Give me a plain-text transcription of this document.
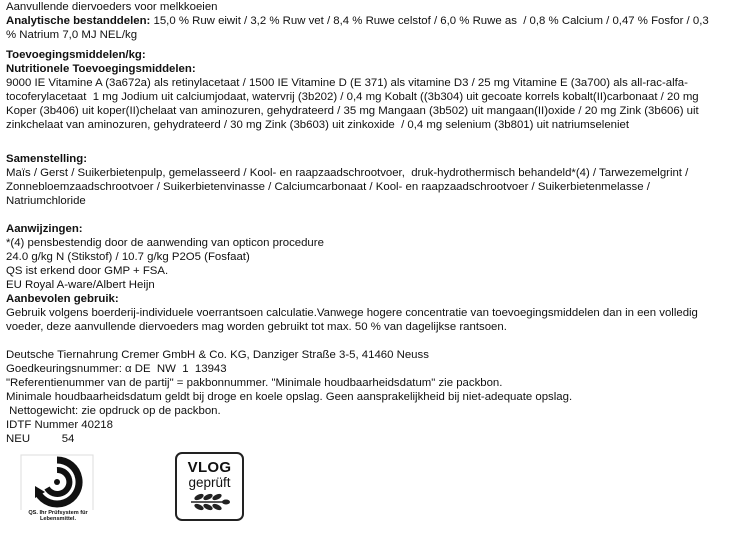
Aanvullende diervoeders voor melkkoeien
Analytische bestanddelen: 15,0 % Ruw eiwit / 3,2 % Ruw vet / 8,4 % Ruwe celstof / 6,0 % Ruwe as  / 0,8 % Calcium / 0,47 % Fosfor / 0,3
% Natrium 7,0 MJ NEL/kg
Toevoegingsmiddelen/kg:
Nutritionele Toevoegingsmiddelen:
9000 IE Vitamine A (3a672a) als retinylacetaat / 1500 IE Vitamine D (E 371) als vitamine D3 / 25 mg Vitamine E (3a700) als all-rac-alfa-
tocoferylacetaat  1 mg Jodium uit calciumjodaat, watervrij (3b202) / 0,4 mg Kobalt ((3b304) uit gecoate korrels kobalt(II)carbonaat / 20 mg
Koper (3b406) uit koper(II)chelaat van aminozuren, gehydrateerd / 35 mg Mangaan (3b502) uit mangaan(II)oxide / 20 mg Zink (3b606) uit
zinkchelaat van aminozuren, gehydrateerd / 30 mg Zink (3b603) uit zinkoxide  / 0,4 mg selenium (3b801) uit natriumseleniet
Samenstelling:
Maïs / Gerst / Suikerbietenpulp, gemelasseerd / Kool- en raapzaadschrootvoer,  druk-hydrothermisch behandeld*(4) / Tarwezemelgrint /
Zonnebloemzaadschrootvoer / Suikerbietenvinasse / Calciumcarbonaat / Kool- en raapzaadschrootvoer / Suikerbietenmelasse /
Natriumchloride
Aanwijzingen:
*(4) pensbestendig door de aanwending van opticon procedure
24.0 g/kg N (Stikstof) / 10.7 g/kg P2O5 (Fosfaat)
QS ist erkend door GMP + FSA.
EU Royal A-ware/Albert Heijn
Aanbevolen gebruik:
Gebruik volgens boerderij-individuele voerrantsoen calculatie.Vanwege hogere concentratie van toevoegingsmiddelen dan in een volledig
voeder, deze aanvullende diervoeders mag worden gebruikt tot max. 50 % van dagelijkse rantsoen.
Deutsche Tiernahrung Cremer GmbH & Co. KG, Danziger Straße 3-5, 41460 Neuss
Goedkeuringsnummer: α DE  NW  1  13943
"Referentienummer van de partij" = pakbonnummer. "Minimale houdbaarheidsdatum" zie packbon.
Minimale houdbaarheidsdatum geldt bij droge en koele opslag. Geen aansprakelijkheid bij niet-adequate opslag.
Nettogewicht: zie opdruck op de packbon.
IDTF Nummer 40218
NEU          54
QS. Ihr Prüfsystem für Lebensmittel.
VLOG
geprüft
